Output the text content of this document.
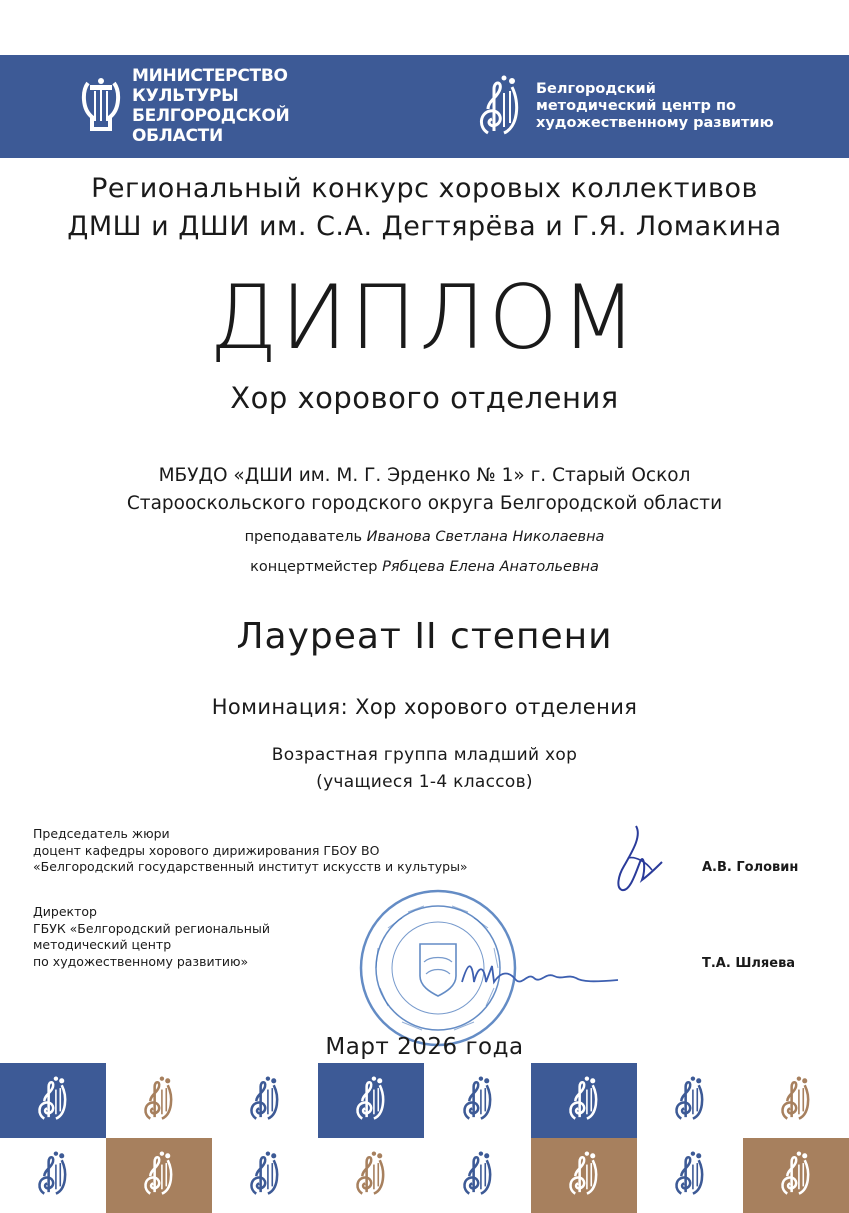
МИНИСТЕРСТВО КУЛЬТУРЫ
БЕЛГОРОДСКОЙ ОБЛАСТИ
Белгородский
методический центр по
художественному развитию
Региональный конкурс хоровых коллективов
ДМШ и ДШИ им. С.А. Дегтярёва и Г.Я. Ломакина
ДИПЛОМ
Хор хорового отделения
МБУДО «ДШИ им. М. Г. Эрденко № 1» г. Старый Оскол
Старооскольского городского округа Белгородской области
преподаватель Иванова Светлана Николаевна
концертмейстер Рябцева Елена Анатольевна
Лауреат II степени
Номинация: Хор хорового отделения
Возрастная группа младший хор
(учащиеся 1-4 классов)
Председатель жюри
доцент кафедры хорового дирижирования ГБОУ ВО
«Белгородский государственный институт искусств и культуры»	А.В. Головин
Директор
ГБУК «Белгородский региональный
методический центр
по художественному развитию»	Т.А. Шляева
Март 2026 года
